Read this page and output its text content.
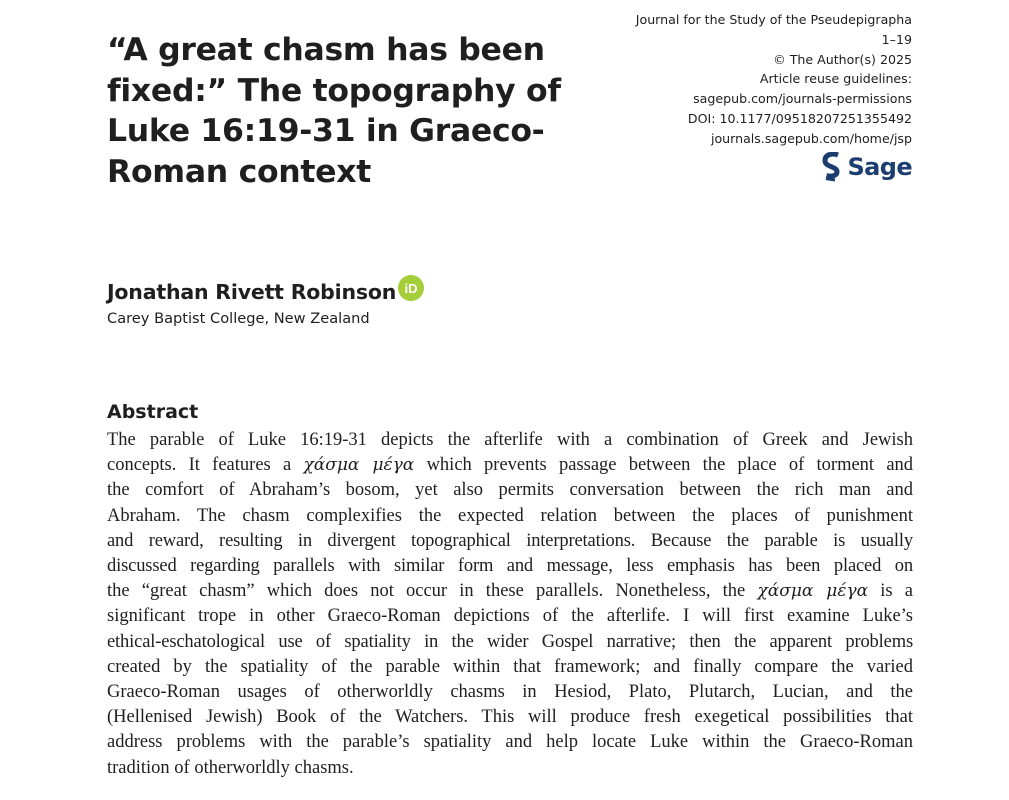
“A great chasm has been fixed:” The topography of Luke 16:19-31 in Graeco-Roman context
Journal for the Study of the Pseudepigrapha
1–19
© The Author(s) 2025
Article reuse guidelines:
sagepub.com/journals-permissions
DOI: 10.1177/09518207251355492
journals.sagepub.com/home/jsp
Sage
Jonathan Rivett Robinson iD
Carey Baptist College, New Zealand
Abstract
The parable of Luke 16:19-31 depicts the afterlife with a combination of Greek and Jewish
concepts. It features a χάσμα μέγα which prevents passage between the place of torment and
the comfort of Abraham’s bosom, yet also permits conversation between the rich man and
Abraham. The chasm complexifies the expected relation between the places of punishment
and reward, resulting in divergent topographical interpretations. Because the parable is usually
discussed regarding parallels with similar form and message, less emphasis has been placed on
the “great chasm” which does not occur in these parallels. Nonetheless, the χάσμα μέγα is a
significant trope in other Graeco-Roman depictions of the afterlife. I will first examine Luke’s
ethical-eschatological use of spatiality in the wider Gospel narrative; then the apparent problems
created by the spatiality of the parable within that framework; and finally compare the varied
Graeco-Roman usages of otherworldly chasms in Hesiod, Plato, Plutarch, Lucian, and the
(Hellenised Jewish) Book of the Watchers. This will produce fresh exegetical possibilities that
address problems with the parable’s spatiality and help locate Luke within the Graeco-Roman
tradition of otherworldly chasms.
